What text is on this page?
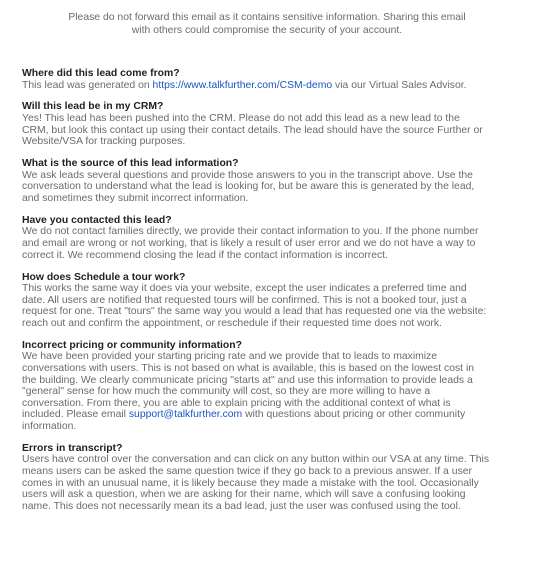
Please do not forward this email as it contains sensitive information. Sharing this email
with others could compromise the security of your account.

Where did this lead come from?

This lead was generated on https://www.talkfurther.com/CSM-demo via our Virtual Sales Advisor.

Will this lead be in my CRM?

Yes! This lead has been pushed into the CRM. Please do not add this lead as a new lead to the
CRM, but look this contact up using their contact details. The lead should have the source Further or
Website/VSA for tracking purposes.

What is the source of this lead information?

We ask leads several questions and provide those answers to you in the transcript above. Use the
conversation to understand what the lead is looking for, but be aware this is generated by the lead,
and sometimes they submit incorrect information.

Have you contacted this lead?

We do not contact families directly, we provide their contact information to you. If the phone number
and email are wrong or not working, that is likely a result of user error and we do not have a way to
correct it. We recommend closing the lead if the contact information is incorrect.

How does Schedule a tour work?

This works the same way it does via your website, except the user indicates a preferred time and
date. All users are notified that requested tours will be confirmed. This is not a booked tour, just a
request for one. Treat "tours" the same way you would a lead that has requested one via the website:
reach out and confirm the appointment, or reschedule if their requested time does not work.

Incorrect pricing or community information?

We have been provided your starting pricing rate and we provide that to leads to maximize
conversations with users. This is not based on what is available, this is based on the lowest cost in
the building. We clearly communicate pricing "starts at" and use this information to provide leads a
"general" sense for how much the community will cost, so they are more willing to have a
conversation. From there, you are able to explain pricing with the additional context of what is
included. Please email support@talkfurther.com with questions about pricing or other community
information.

Errors in transcript?

Users have control over the conversation and can click on any button within our VSA at any time. This
means users can be asked the same question twice if they go back to a previous answer. If a user
comes in with an unusual name, it is likely because they made a mistake with the tool. Occasionally
users will ask a question, when we are asking for their name, which will save a confusing looking
name. This does not necessarily mean its a bad lead, just the user was confused using the tool.
